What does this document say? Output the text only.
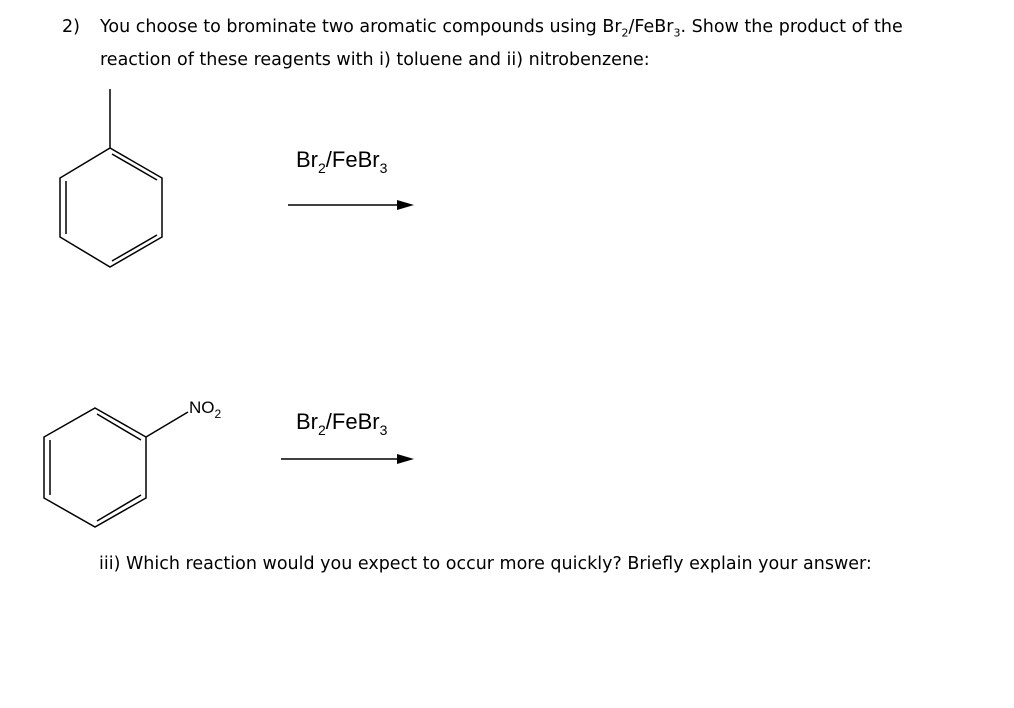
2) You choose to brominate two aromatic compounds using $Br_2/FeBr_3$. Show the product of the
reaction of these reagents with i) toluene and ii) nitrobenzene:
$Br_2/FeBr_3$
$NO_2$	$Br_2/FeBr_3$
iii) Which reaction would you expect to occur more quickly? Briefly explain your answer:
